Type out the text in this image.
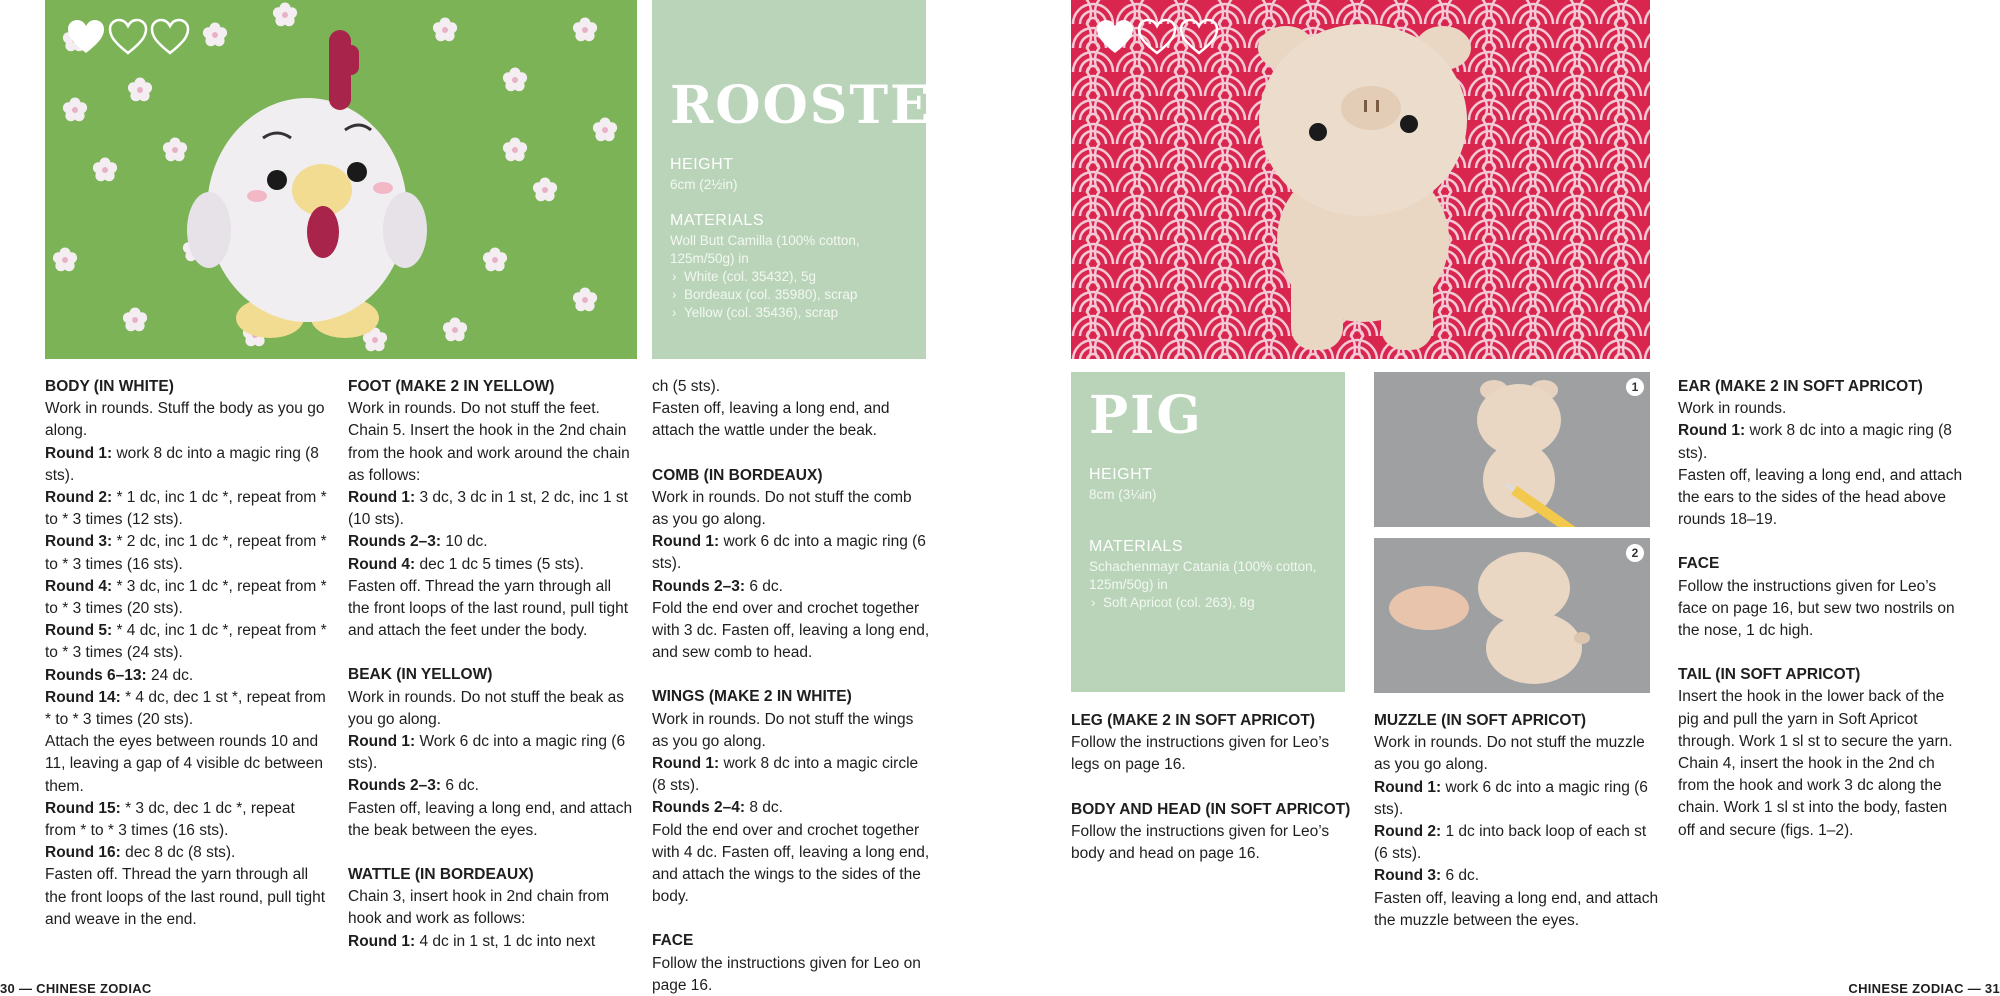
ROOSTER
HEIGHT
6cm (2½in)
MATERIALS
Woll Butt Camilla (100% cotton, 125m/50g) in
› White (col. 35432), 5g
› Bordeaux (col. 35980), scrap
› Yellow (col. 35436), scrap

BODY (IN WHITE)

Work in rounds. Stuff the body as you go along.

Round 1: work 8 dc into a magic ring (8 sts).

Round 2: * 1 dc, inc 1 dc *, repeat from * to * 3 times (12 sts).

Round 3: * 2 dc, inc 1 dc *, repeat from * to * 3 times (16 sts).

Round 4: * 3 dc, inc 1 dc *, repeat from * to * 3 times (20 sts).

Round 5: * 4 dc, inc 1 dc *, repeat from * to * 3 times (24 sts).

Rounds 6–13: 24 dc.

Round 14: * 4 dc, dec 1 st *, repeat from * to * 3 times (20 sts).

Attach the eyes between rounds 10 and 11, leaving a gap of 4 visible dc between them.

Round 15: * 3 dc, dec 1 dc *, repeat from * to * 3 times (16 sts).

Round 16: dec 8 dc (8 sts).

Fasten off. Thread the yarn through all the front loops of the last round, pull tight and weave in the end.

FOOT (MAKE 2 IN YELLOW)

Work in rounds. Do not stuff the feet. Chain 5. Insert the hook in the 2nd chain from the hook and work around the chain as follows:

Round 1: 3 dc, 3 dc in 1 st, 2 dc, inc 1 st (10 sts).

Rounds 2–3: 10 dc.

Round 4: dec 1 dc 5 times (5 sts).

Fasten off. Thread the yarn through all the front loops of the last round, pull tight and attach the feet under the body.

BEAK (IN YELLOW)

Work in rounds. Do not stuff the beak as you go along.

Round 1: Work 6 dc into a magic ring (6 sts).

Rounds 2–3: 6 dc.

Fasten off, leaving a long end, and attach the beak between the eyes.

WATTLE (IN BORDEAUX)

Chain 3, insert hook in 2nd chain from hook and work as follows:

Round 1: 4 dc in 1 st, 1 dc into next

ch (5 sts).

Fasten off, leaving a long end, and attach the wattle under the beak.

COMB (IN BORDEAUX)

Work in rounds. Do not stuff the comb as you go along.

Round 1: work 6 dc into a magic ring (6 sts).

Rounds 2–3: 6 dc.

Fold the end over and crochet together with 3 dc. Fasten off, leaving a long end, and sew comb to head.

WINGS (MAKE 2 IN WHITE)

Work in rounds. Do not stuff the wings as you go along.

Round 1: work 8 dc into a magic circle (8 sts).

Rounds 2–4: 8 dc.

Fold the end over and crochet together with 4 dc. Fasten off, leaving a long end, and attach the wings to the sides of the body.

FACE

Follow the instructions given for Leo on page 16.

30 — CHINESE ZODIAC
PIG
HEIGHT
8cm (3¼in)
MATERIALS
Schachenmayr Catania (100% cotton, 125m/50g) in
› Soft Apricot (col. 263), 8g
1
2

LEG (MAKE 2 IN SOFT APRICOT)

Follow the instructions given for Leo’s legs on page 16.

BODY AND HEAD (IN SOFT APRICOT)

Follow the instructions given for Leo’s body and head on page 16.

MUZZLE (IN SOFT APRICOT)

Work in rounds. Do not stuff the muzzle as you go along.

Round 1: work 6 dc into a magic ring (6 sts).

Round 2: 1 dc into back loop of each st (6 sts).

Round 3: 6 dc.

Fasten off, leaving a long end, and attach the muzzle between the eyes.

EAR (MAKE 2 IN SOFT APRICOT)

Work in rounds.

Round 1: work 8 dc into a magic ring (8 sts).

Fasten off, leaving a long end, and attach the ears to the sides of the head above rounds 18–19.

FACE

Follow the instructions given for Leo’s face on page 16, but sew two nostrils on the nose, 1 dc high.

TAIL (IN SOFT APRICOT)

Insert the hook in the lower back of the pig and pull the yarn in Soft Apricot through. Work 1 sl st to secure the yarn. Chain 4, insert the hook in the 2nd ch from the hook and work 3 dc along the chain. Work 1 sl st into the body, fasten off and secure (figs. 1–2).

CHINESE ZODIAC — 31
